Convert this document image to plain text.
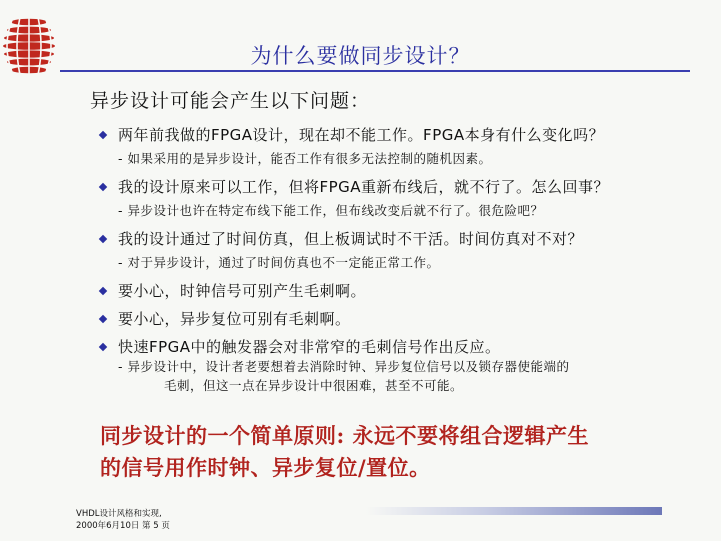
为什么要做同步设计？
异步设计可能会产生以下问题：
两年前我做的FPGA设计，现在却不能工作。FPGA本身有什么变化吗？
- 如果采用的是异步设计，能否工作有很多无法控制的随机因素。
我的设计原来可以工作，但将FPGA重新布线后，就不行了。怎么回事？
- 异步设计也许在特定布线下能工作，但布线改变后就不行了。很危险吧？
我的设计通过了时间仿真，但上板调试时不干活。时间仿真对不对？
- 对于异步设计，通过了时间仿真也不一定能正常工作。
要小心，时钟信号可别产生毛刺啊。
要小心，异步复位可别有毛刺啊。
快速FPGA中的触发器会对非常窄的毛刺信号作出反应。
- 异步设计中，设计者老要想着去消除时钟、异步复位信号以及锁存器使能端的
毛刺，但这一点在异步设计中很困难，甚至不可能。
同步设计的一个简单原则: 永远不要将组合逻辑产生
的信号用作时钟、异步复位/置位。
VHDL设计风格和实现,
2000年6月10日 第 5 页
